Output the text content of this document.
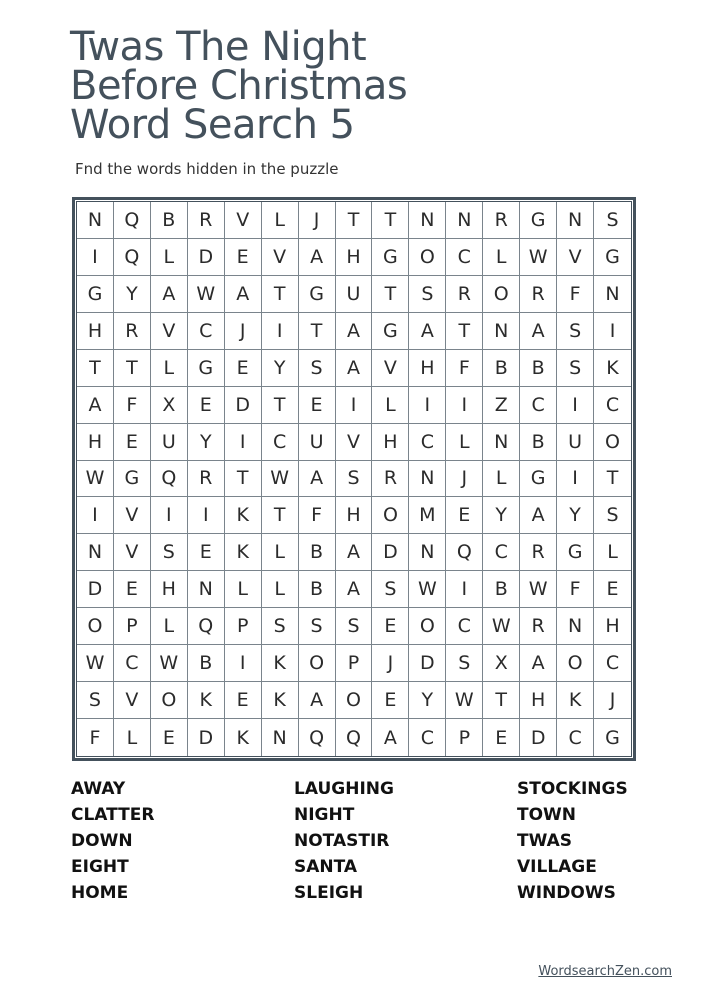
Twas The Night
Before Christmas
Word Search 5
Fnd the words hidden in the puzzle
N	Q	B	R	V	L	J	T	T	N	N	R	G	N	S
I	Q	L	D	E	V	A	H	G	O	C	L	W	V	G
G	Y	A	W	A	T	G	U	T	S	R	O	R	F	N
H	R	V	C	J	I	T	A	G	A	T	N	A	S	I
T	T	L	G	E	Y	S	A	V	H	F	B	B	S	K
A	F	X	E	D	T	E	I	L	I	I	Z	C	I	C
H	E	U	Y	I	C	U	V	H	C	L	N	B	U	O
W	G	Q	R	T	W	A	S	R	N	J	L	G	I	T
I	V	I	I	K	T	F	H	O	M	E	Y	A	Y	S
N	V	S	E	K	L	B	A	D	N	Q	C	R	G	L
D	E	H	N	L	L	B	A	S	W	I	B	W	F	E
O	P	L	Q	P	S	S	S	E	O	C	W	R	N	H
W	C	W	B	I	K	O	P	J	D	S	X	A	O	C
S	V	O	K	E	K	A	O	E	Y	W	T	H	K	J
F	L	E	D	K	N	Q	Q	A	C	P	E	D	C	G
AWAY
CLATTER
DOWN
EIGHT
HOME
LAUGHING
NIGHT
NOTASTIR
SANTA
SLEIGH
STOCKINGS
TOWN
TWAS
VILLAGE
WINDOWS
WordsearchZen.com
